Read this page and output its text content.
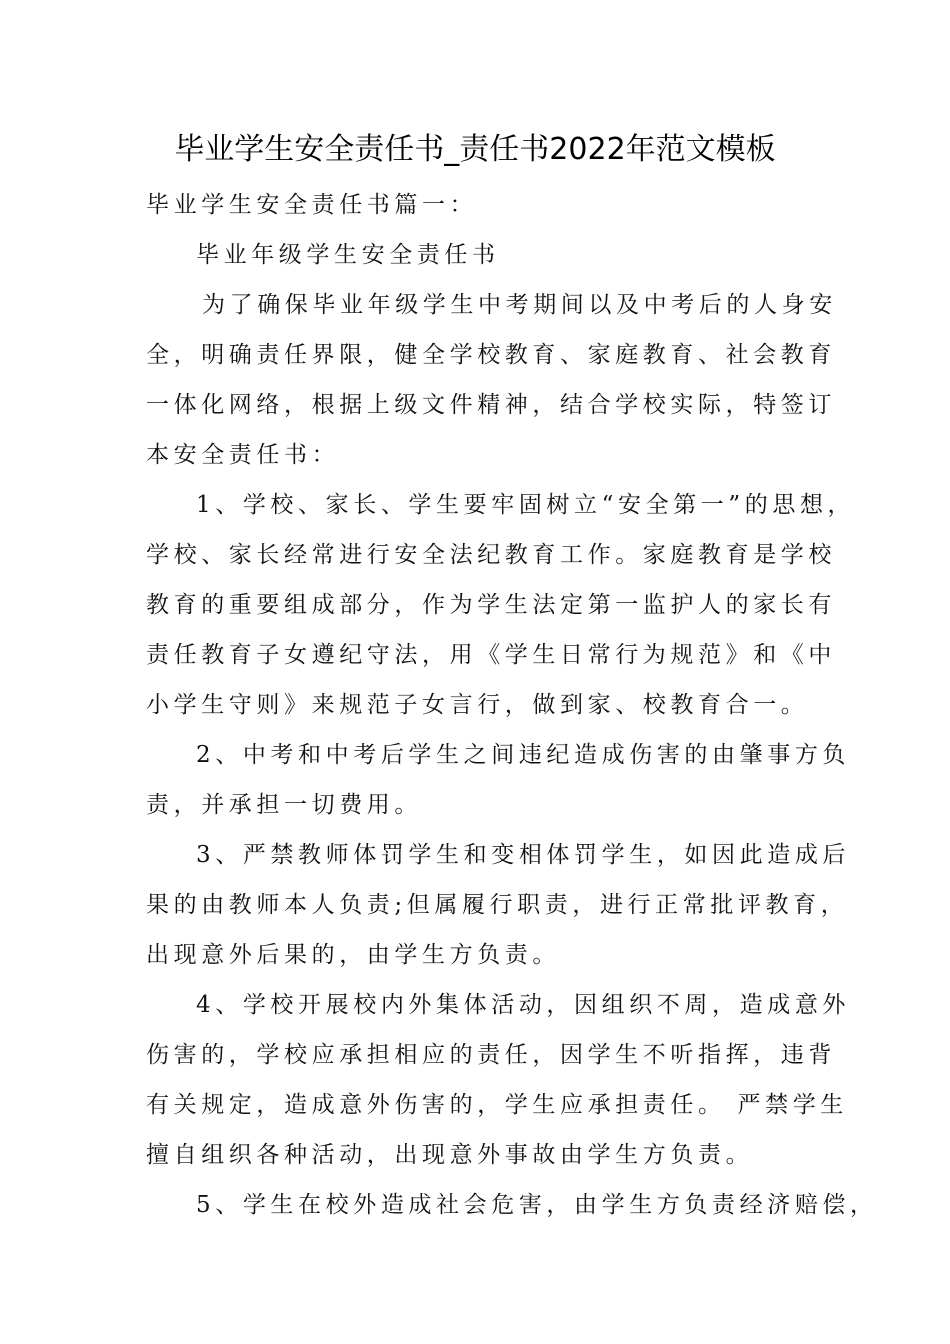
毕业学生安全责任书_责任书2022年范文模板

毕业学生安全责任书篇一：

毕业年级学生安全责任书

为了确保毕业年级学生中考期间以及中考后的人身安

全，明确责任界限，健全学校教育、家庭教育、社会教育

一体化网络，根据上级文件精神，结合学校实际，特签订

本安全责任书：

1、学校、家长、学生要牢固树立“安全第一”的思想，

学校、家长经常进行安全法纪教育工作。家庭教育是学校

教育的重要组成部分，作为学生法定第一监护人的家长有

责任教育子女遵纪守法，用《学生日常行为规范》和《中

小学生守则》来规范子女言行，做到家、校教育合一。

2、中考和中考后学生之间违纪造成伤害的由肇事方负

责，并承担一切费用。

3、严禁教师体罚学生和变相体罚学生，如因此造成后

果的由教师本人负责;但属履行职责，进行正常批评教育，

出现意外后果的，由学生方负责。

4、学校开展校内外集体活动，因组织不周，造成意外

伤害的，学校应承担相应的责任，因学生不听指挥，违背

有关规定，造成意外伤害的，学生应承担责任。 严禁学生

擅自组织各种活动，出现意外事故由学生方负责。

5、学生在校外造成社会危害，由学生方负责经济赔偿，
